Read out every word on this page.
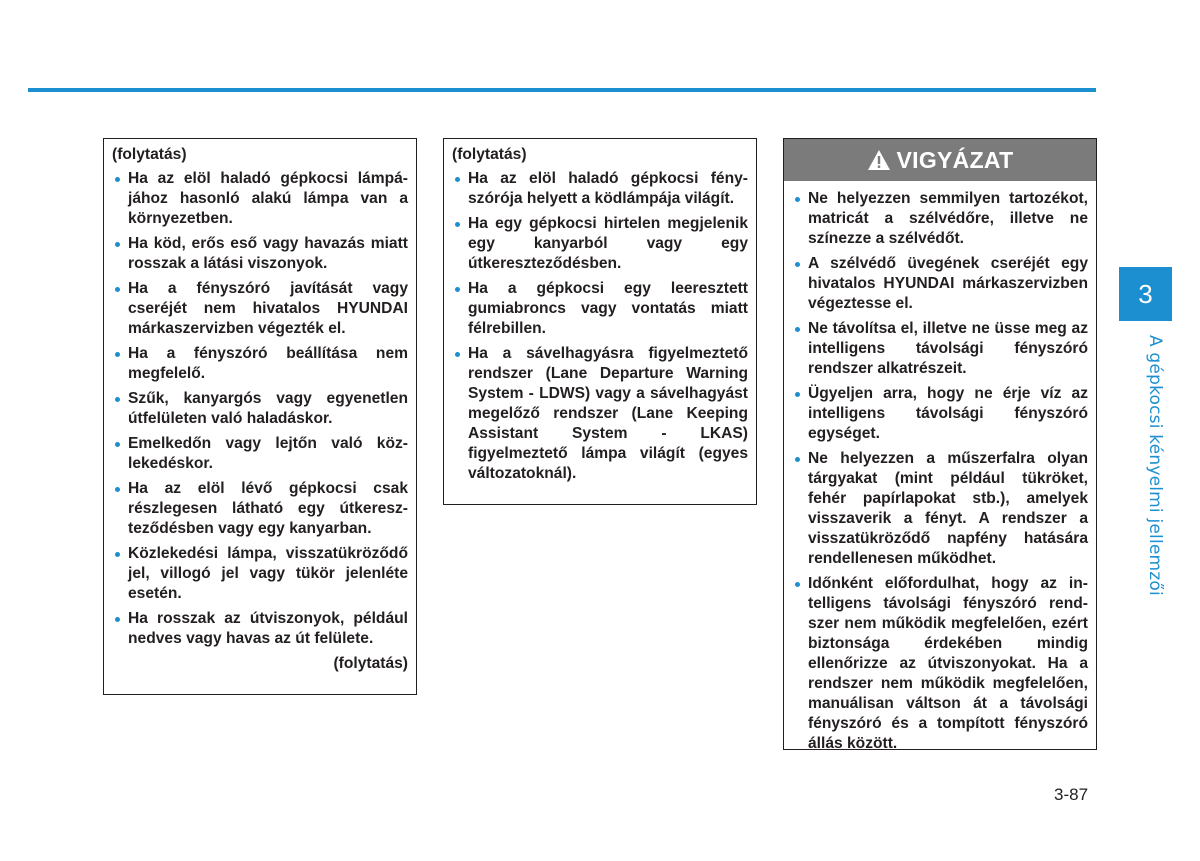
(folytatás)
Ha az elöl haladó gépkocsi lámpájához hasonló alakú lámpa van a környezetben.
Ha köd, erős eső vagy havazás miatt rosszak a látási viszonyok.
Ha a fényszóró javítását vagy cseréjét nem hivatalos HYUNDAI márkaszervizben végezték el.
Ha a fényszóró beállítása nem megfelelő.
Szűk, kanyargós vagy egyenetlen útfelületen való haladáskor.
Emelkedőn vagy lejtőn való közlekedéskor.
Ha az elöl lévő gépkocsi csak részlegesen látható egy útkereszteződésben vagy egy kanyarban.
Közlekedési lámpa, visszatükröződő jel, villogó jel vagy tükör jelenléte esetén.
Ha rosszak az útviszonyok, például nedves vagy havas az út felülete.
(folytatás)
(folytatás)
Ha az elöl haladó gépkocsi fényszórója helyett a ködlámpája világít.
Ha egy gépkocsi hirtelen megjelenik egy kanyarból vagy egy útkereszteződésben.
Ha a gépkocsi egy leeresztett gumiabroncs vagy vontatás miatt félrebillen.
Ha a sávelhagyásra figyelmeztető rendszer (Lane Departure Warning System - LDWS) vagy a sávelhagyást megelőző rendszer (Lane Keeping Assistant System - LKAS) figyelmeztető lámpa világít (egyes változatoknál).
VIGYÁZAT
Ne helyezzen semmilyen tartozékot, matricát a szélvédőre, illetve ne színezze a szélvédőt.
A szélvédő üvegének cseréjét egy hivatalos HYUNDAI márkaszervizben végeztesse el.
Ne távolítsa el, illetve ne üsse meg az intelligens távolsági fényszóró rendszer alkatrészeit.
Ügyeljen arra, hogy ne érje víz az intelligens távolsági fényszóró egységet.
Ne helyezzen a műszerfalra olyan tárgyakat (mint például tükröket, fehér papírlapokat stb.), amelyek visszaverik a fényt. A rendszer a visszatükröződő napfény hatására rendellenesen működhet.
Időnként előfordulhat, hogy az intelligens távolsági fényszóró rendszer nem működik megfelelően, ezért biztonsága érdekében mindig ellenőrizze az útviszonyokat. Ha a rendszer nem működik megfelelően, manuálisan váltson át a távolsági fényszóró és a tompított fényszóró állás között.
3
A gépkocsi kényelmi jellemzői
3-87
